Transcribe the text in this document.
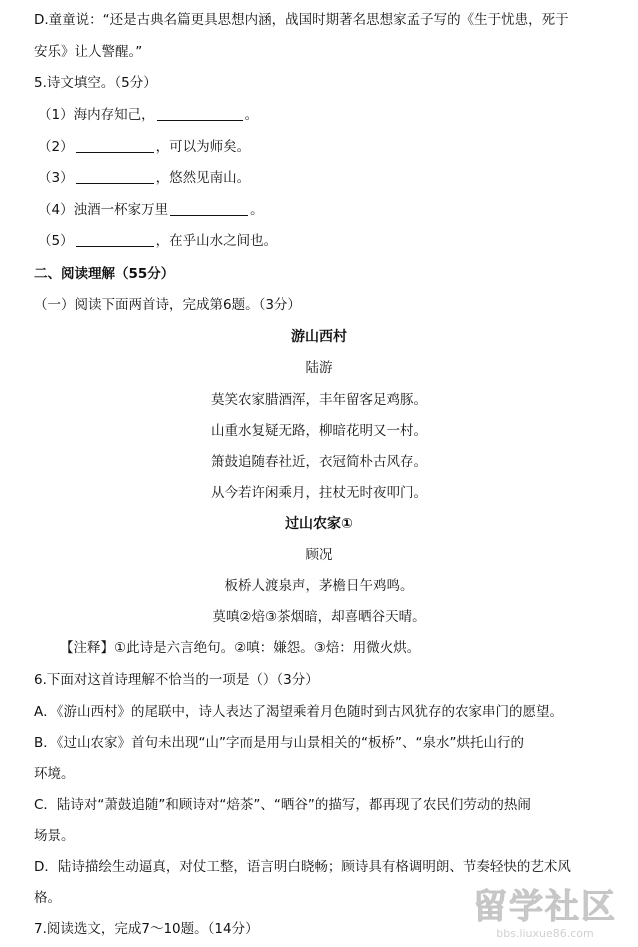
D.童童说：“还是古典名篇更具思想内涵，战国时期著名思想家孟子写的《生于忧患，死于
安乐》让人警醒。”
5.诗文填空。（5分）
（1）海内存知己，	。
（2）	，可以为师矣。
（3）	，悠然见南山。
（4）浊酒一杯家万里	。
（5）	，在乎山水之间也。
二、阅读理解（55分）
（一）阅读下面两首诗，完成第6题。（3分）
游山西村
陆游
莫笑农家腊酒浑，丰年留客足鸡豚。
山重水复疑无路，柳暗花明又一村。
箫鼓追随春社近，衣冠简朴古风存。
从今若许闲乘月，拄杖无时夜叩门。
过山农家①
顾况
板桥人渡泉声，茅檐日午鸡鸣。
莫嗔②焙③茶烟暗，却喜晒谷天晴。
【注释】①此诗是六言绝句。②嗔：嫌怨。③焙：用微火烘。
6.下面对这首诗理解不恰当的一项是（）（3分）
A．《游山西村》的尾联中，诗人表达了渴望乘着月色随时到古风犹存的农家串门的愿望。
B．《过山农家》首句未出现“山”字而是用与山景相关的“板桥”、“泉水”烘托山行的
环境。
C．陆诗对“萧鼓追随”和顾诗对“焙茶”、“晒谷”的描写，都再现了农民们劳动的热闹
场景。
D．陆诗描绘生动逼真，对仗工整，语言明白晓畅；顾诗具有格调明朗、节奏轻快的艺术风
格。
7.阅读选文，完成7～10题。（14分）
留学社区
bbs.liuxue86.com
